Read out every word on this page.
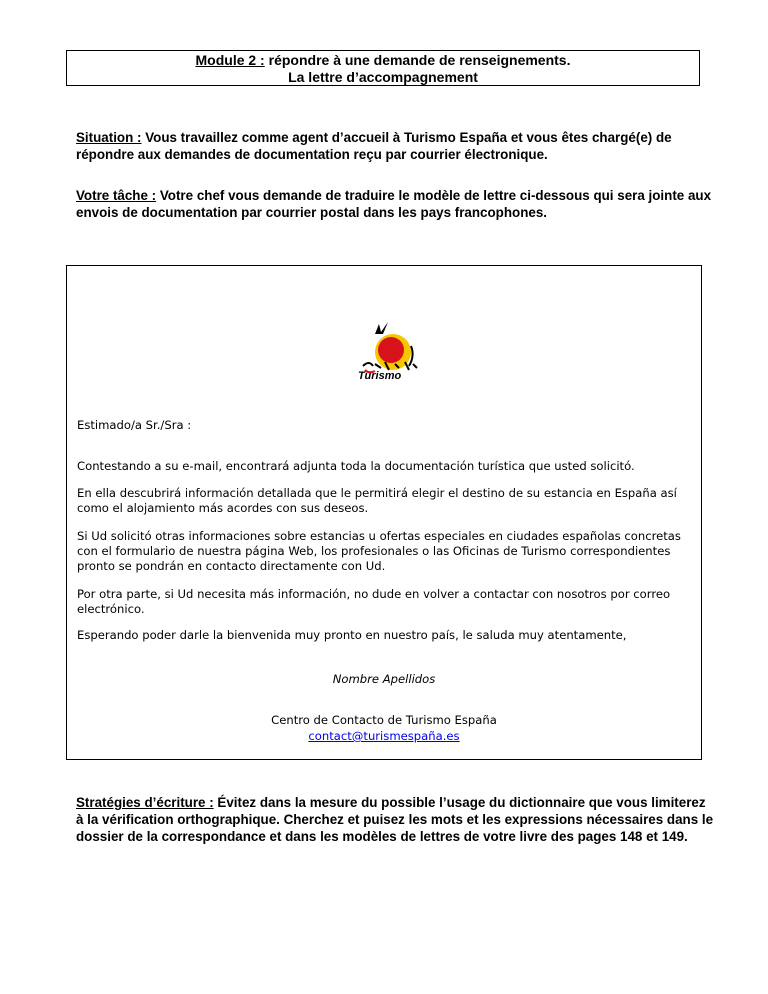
Module 2 : répondre à une demande de renseignements.
La lettre d’accompagnement
Situation : Vous travaillez comme agent d’accueil à Turismo España et vous êtes chargé(e) de répondre aux demandes de documentation reçu par courrier électronique.
Votre tâche : Votre chef vous demande de traduire le modèle de lettre ci-dessous qui sera jointe aux envois de documentation par courrier postal dans les pays francophones.
Turismo

Estimado/a Sr./Sra :

Contestando a su e-mail, encontrará adjunta toda la documentación turística que usted solicitó.

En ella descubrirá información detallada que le permitirá elegir el destino de su estancia en España así como el alojamiento más acordes con sus deseos.

Si Ud solicitó otras informaciones sobre estancias u ofertas especiales en ciudades españolas concretas con el formulario de nuestra página Web, los profesionales o las Oficinas de Turismo correspondientes pronto se pondrán en contacto directamente con Ud.

Por otra parte, si Ud necesita más información, no dude en volver a contactar con nosotros por correo electrónico.

Esperando poder darle la bienvenida muy pronto en nuestro país, le saluda muy atentamente,

Nombre Apellidos

Centro de Contacto de Turismo España

contact@turismespaña.es

Stratégies d’écriture : Évitez dans la mesure du possible l’usage du dictionnaire que vous limiterez à la vérification orthographique. Cherchez et puisez les mots et les expressions nécessaires dans le dossier de la correspondance et dans les modèles de lettres de votre livre des pages 148 et 149.
